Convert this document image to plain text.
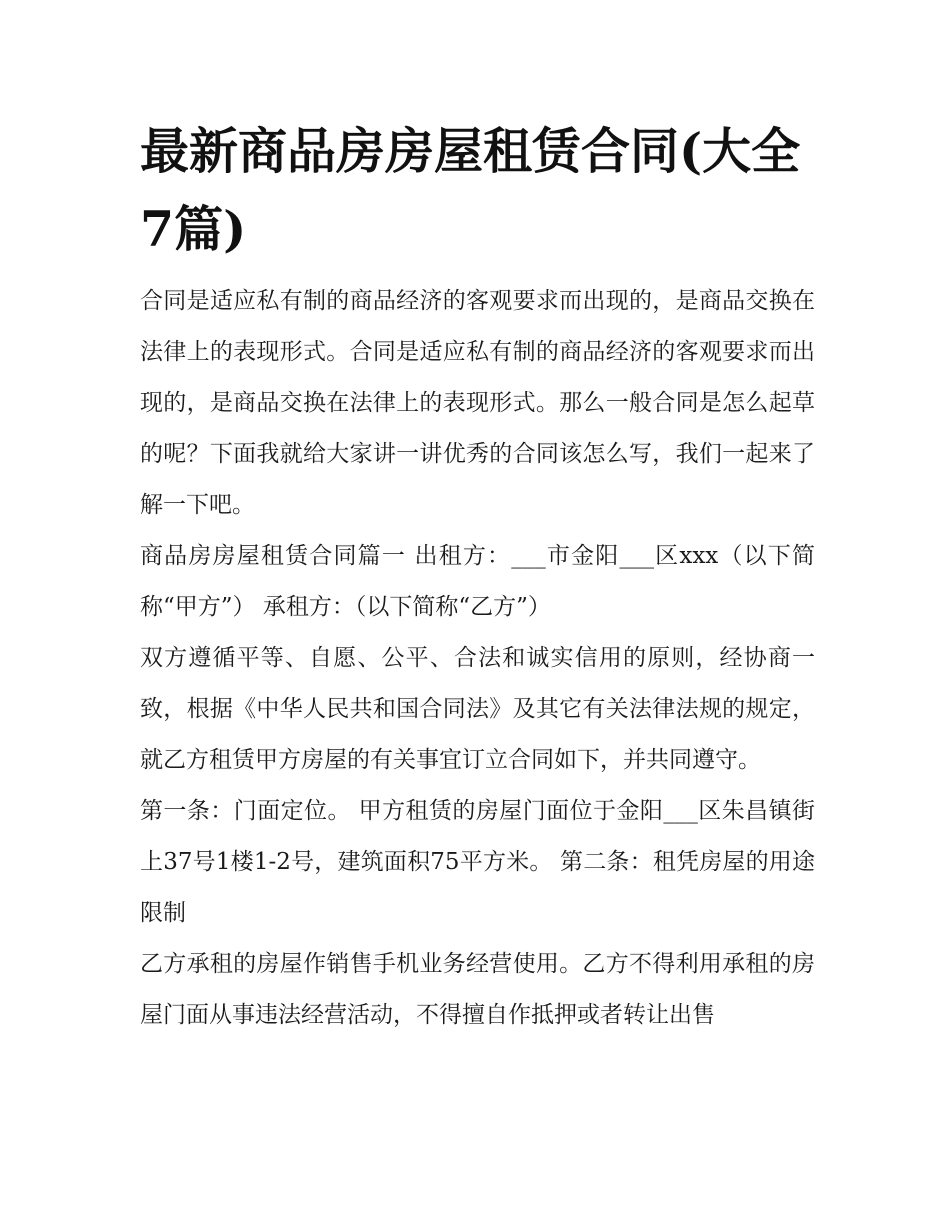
最新商品房房屋租赁合同(大全7篇)

合同是适应私有制的商品经济的客观要求而出现的，是商品交换在法律上的表现形式。合同是适应私有制的商品经济的客观要求而出现的，是商品交换在法律上的表现形式。那么一般合同是怎么起草的呢？下面我就给大家讲一讲优秀的合同该怎么写，我们一起来了解一下吧。

商品房房屋租赁合同篇一 出租方：___市金阳___区xxx（以下简称“甲方”） 承租方：（以下简称“乙方”）

双方遵循平等、自愿、公平、合法和诚实信用的原则，经协商一致，根据《中华人民共和国合同法》及其它有关法律法规的规定，就乙方租赁甲方房屋的有关事宜订立合同如下，并共同遵守。

第一条：门面定位。 甲方租赁的房屋门面位于金阳___区朱昌镇街上37号1楼1-2号，建筑面积75平方米。 第二条：租凭房屋的用途限制

乙方承租的房屋作销售手机业务经营使用。乙方不得利用承租的房屋门面从事违法经营活动，不得擅自作抵押或者转让出售
